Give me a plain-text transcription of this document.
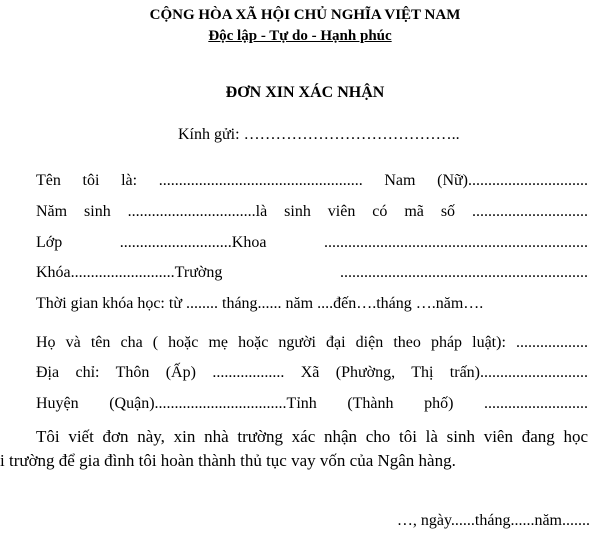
CỘNG HÒA XÃ HỘI CHỦ NGHĨA VIỆT NAM
Độc lập - Tự do - Hạnh phúc
ĐƠN XIN XÁC NHẬN
Kính gửi: …………………………………..
Tên tôi là: ................................................... Nam (Nữ)..............................
Năm sinh ................................là sinh viên có mã số .............................
Lớp ............................Khoa ..................................................................
Khóa..........................Trường ..............................................................
Thời gian khóa học: từ ........ tháng...... năm ....đến….tháng ….năm….
Họ và tên cha ( hoặc mẹ hoặc người đại diện theo pháp luật): ..................
Địa chỉ: Thôn (Ấp) .................. Xã (Phường, Thị trấn)...........................
Huyện (Quận).................................Tỉnh (Thành phố) ..........................
Tôi viết đơn này, xin nhà trường xác nhận cho tôi là sinh viên đang học
i trường để gia đình tôi hoàn thành thủ tục vay vốn của Ngân hàng.
…, ngày......tháng......năm.......
